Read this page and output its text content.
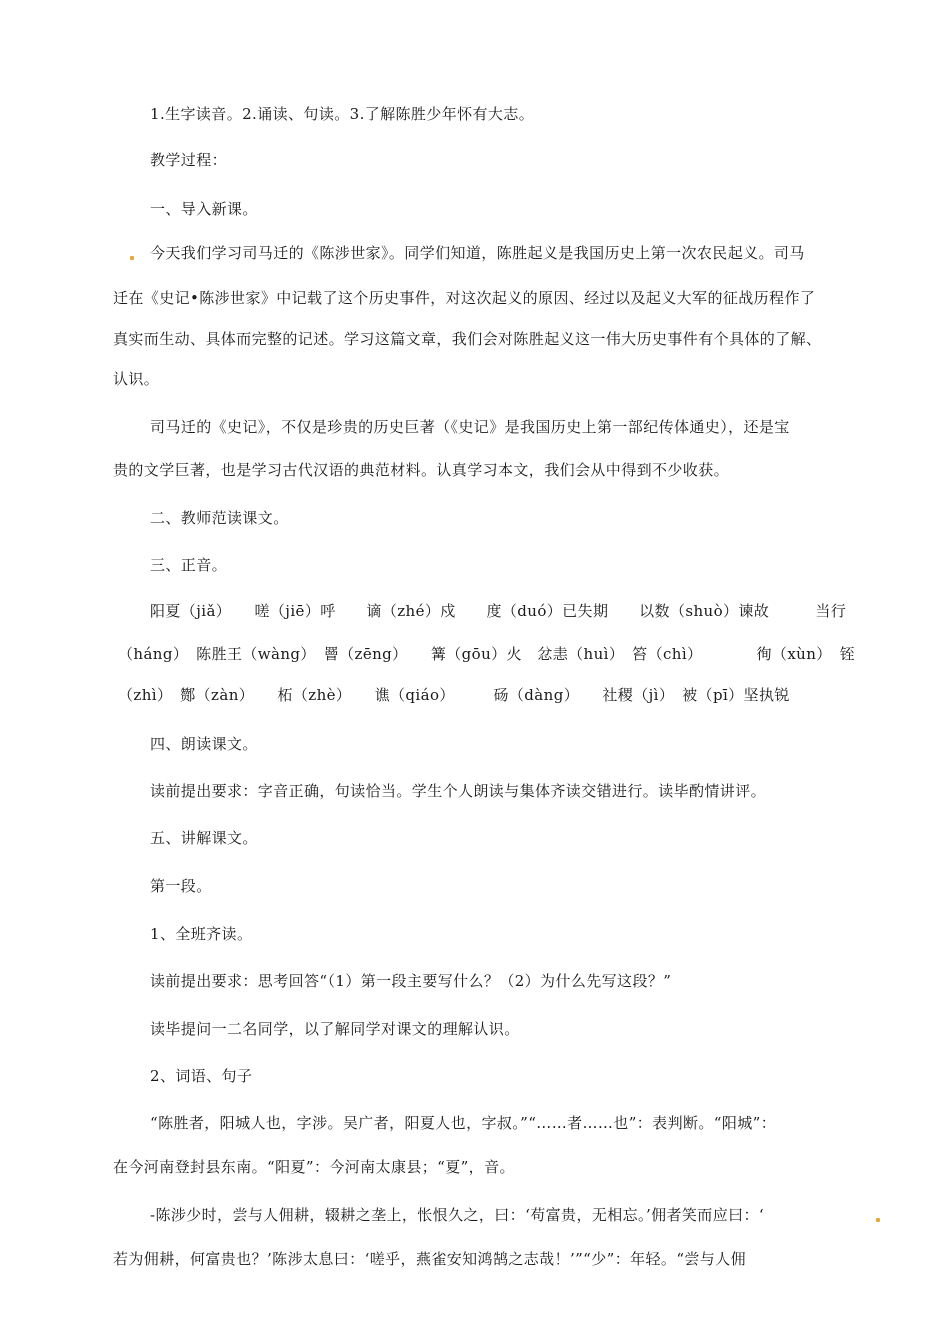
1.生字读音。2.诵读、句读。3.了解陈胜少年怀有大志。
教学过程：
一、导入新课。
今天我们学习司马迁的《陈涉世家》。同学们知道，陈胜起义是我国历史上第一次农民起义。司马
迁在《史记•陈涉世家》中记载了这个历史事件，对这次起义的原因、经过以及起义大军的征战历程作了
真实而生动、具体而完整的记述。学习这篇文章，我们会对陈胜起义这一伟大历史事件有个具体的了解、
认识。
司马迁的《史记》，不仅是珍贵的历史巨著（《史记》是我国历史上第一部纪传体通史），还是宝
贵的文学巨著，也是学习古代汉语的典范材料。认真学习本文，我们会从中得到不少收获。
二、教师范读课文。
三、正音。
阳夏（jiǎ）　　嗟（jiē）呼　　谪（zhé）戍　　度（duó）已失期　　以数（shuò）谏故　　　当行
（háng）　陈胜王（wàng）　罾（zēng）　　篝（gōu）火　忿恚（huì）　笞（chì）　　　　徇（xùn）　铚
（zhì）　酂（zàn）　　柘（zhè）　　谯（qiáo）　　　砀（dàng）　　社稷（jì）　被（pī）坚执锐
四、朗读课文。
读前提出要求：字音正确，句读恰当。学生个人朗读与集体齐读交错进行。读毕酌情讲评。
五、讲解课文。
第一段。
1、全班齐读。
读前提出要求：思考回答“（1）第一段主要写什么？（2）为什么先写这段？”
读毕提问一二名同学，以了解同学对课文的理解认识。
2、词语、句子
“陈胜者，阳城人也，字涉。吴广者，阳夏人也，字叔。”“……者……也”：表判断。“阳城”：
在今河南登封县东南。“阳夏”：今河南太康县；“夏”，音。
-陈涉少时，尝与人佣耕，辍耕之垄上，怅恨久之，曰：‘苟富贵，无相忘。’佣者笑而应曰：‘
若为佣耕，何富贵也？’陈涉太息曰：‘嗟乎，燕雀安知鸿鹄之志哉！’”“少”：年轻。“尝与人佣
